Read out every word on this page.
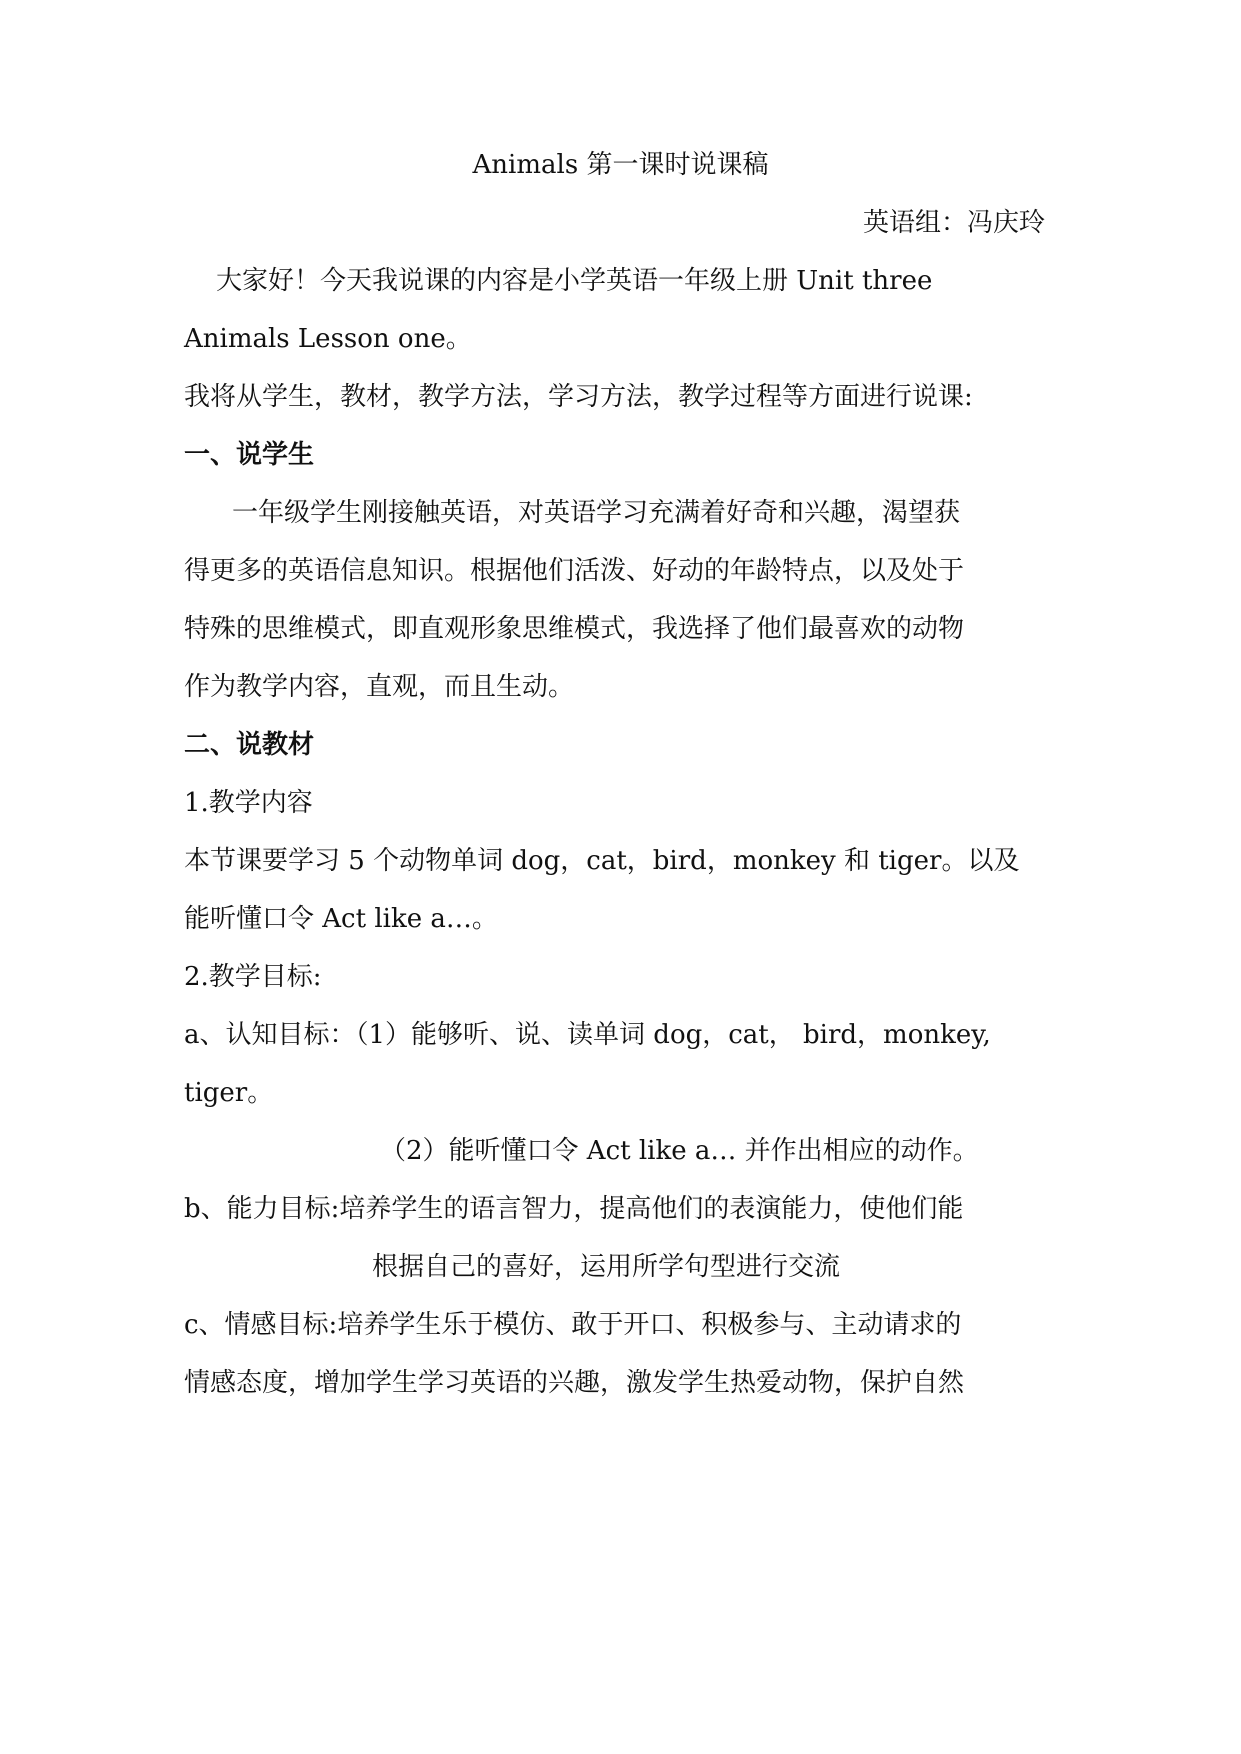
Animals 第一课时说课稿
英语组：冯庆玲
大家好！今天我说课的内容是小学英语一年级上册 Unit three
Animals Lesson one。
我将从学生，教材，教学方法，学习方法，教学过程等方面进行说课:
一、说学生
一年级学生刚接触英语，对英语学习充满着好奇和兴趣，渴望获
得更多的英语信息知识。根据他们活泼、好动的年龄特点，以及处于
特殊的思维模式，即直观形象思维模式，我选择了他们最喜欢的动物
作为教学内容，直观，而且生动。
二、说教材
1.教学内容
本节课要学习 5 个动物单词 dog，cat，bird，monkey 和 tiger。以及
能听懂口令 Act like a…。
2.教学目标:
a、认知目标：（1）能够听、说、读单词 dog，cat， bird，monkey,
tiger。
（2）能听懂口令 Act like a… 并作出相应的动作。
b、能力目标:培养学生的语言智力，提高他们的表演能力，使他们能
根据自己的喜好，运用所学句型进行交流
c、情感目标:培养学生乐于模仿、敢于开口、积极参与、主动请求的
情感态度，增加学生学习英语的兴趣，激发学生热爱动物，保护自然
